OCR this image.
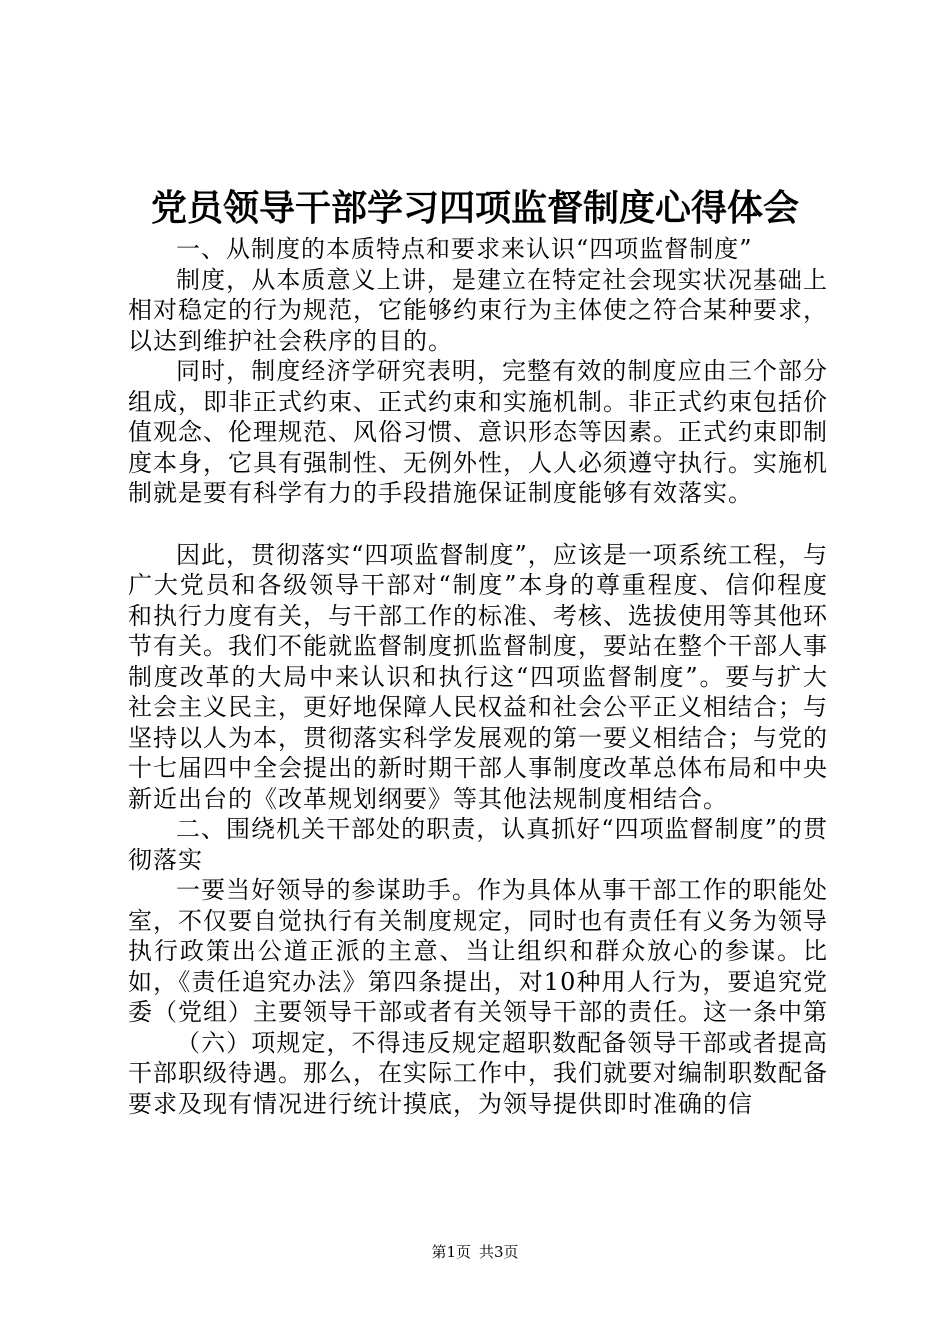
党员领导干部学习四项监督制度心得体会

一、从制度的本质特点和要求来认识“四项监督制度”

制度，从本质意义上讲，是建立在特定社会现实状况基础上相对稳定的行为规范，它能够约束行为主体使之符合某种要求，以达到维护社会秩序的目的。

同时，制度经济学研究表明，完整有效的制度应由三个部分组成，即非正式约束、正式约束和实施机制。非正式约束包括价值观念、伦理规范、风俗习惯、意识形态等因素。正式约束即制度本身，它具有强制性、无例外性，人人必须遵守执行。实施机制就是要有科学有力的手段措施保证制度能够有效落实。

因此，贯彻落实“四项监督制度”，应该是一项系统工程，与广大党员和各级领导干部对“制度”本身的尊重程度、信仰程度和执行力度有关，与干部工作的标准、考核、选拔使用等其他环节有关。我们不能就监督制度抓监督制度，要站在整个干部人事制度改革的大局中来认识和执行这“四项监督制度”。要与扩大社会主义民主，更好地保障人民权益和社会公平正义相结合；与坚持以人为本，贯彻落实科学发展观的第一要义相结合；与党的十七届四中全会提出的新时期干部人事制度改革总体布局和中央新近出台的《改革规划纲要》等其他法规制度相结合。

二、围绕机关干部处的职责，认真抓好“四项监督制度”的贯彻落实

一要当好领导的参谋助手。作为具体从事干部工作的职能处室，不仅要自觉执行有关制度规定，同时也有责任有义务为领导执行政策出公道正派的主意、当让组织和群众放心的参谋。比如，《责任追究办法》第四条提出，对10种用人行为，要追究党委（党组）主要领导干部或者有关领导干部的责任。这一条中第

（六）项规定，不得违反规定超职数配备领导干部或者提高干部职级待遇。那么，在实际工作中，我们就要对编制职数配备要求及现有情况进行统计摸底，为领导提供即时准确的信

第1页 共3页
